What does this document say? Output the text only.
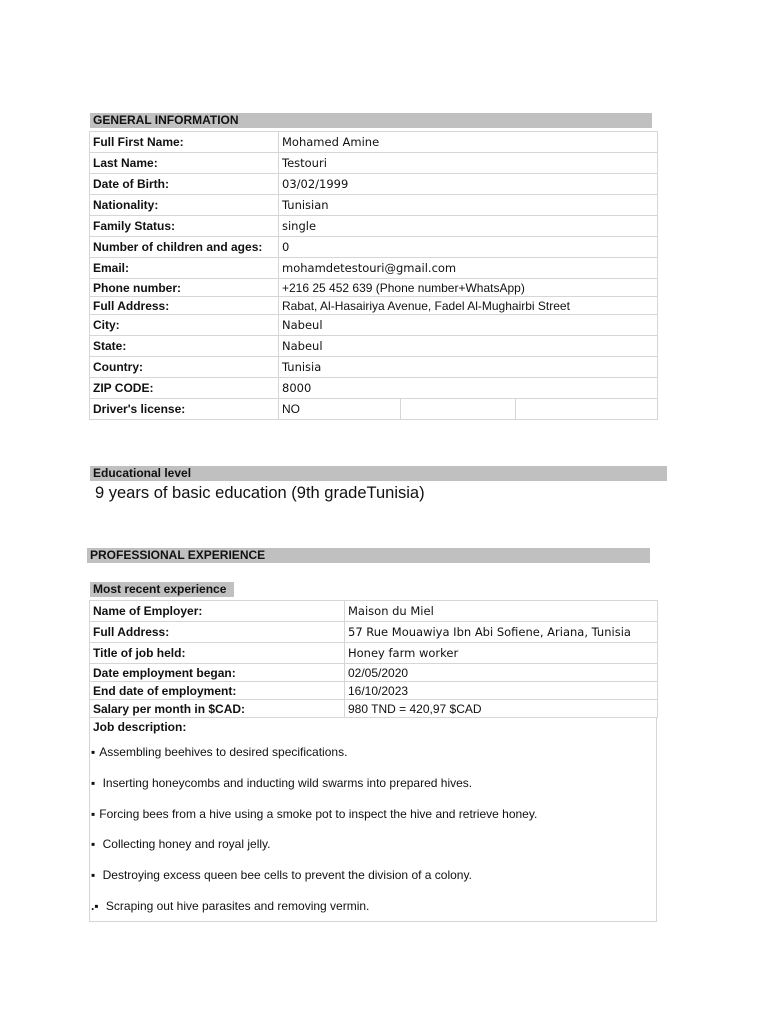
GENERAL INFORMATION
Full First Name:	Mohamed Amine		
Last Name:	Testouri		
Date of Birth:	03/02/1999		
Nationality:	Tunisian		
Family Status:	single		
Number of children and ages:	0		
Email:	mohamdetestouri@gmail.com		
Phone number:	+216 25 452 639 (Phone number+WhatsApp)		
Full Address:	Rabat, Al-Hasairiya Avenue, Fadel Al-Mughairbi Street		
City:	Nabeul		
State:	Nabeul		
Country:	Tunisia		
ZIP CODE:	8000		
Driver's license:	NO		
Educational level
9 years of basic education (9th gradeTunisia)
PROFESSIONAL EXPERIENCE
Most recent experience
Name of Employer:	Maison du Miel
Full Address:	57 Rue Mouawiya Ibn Abi Sofiene, Ariana, Tunisia
Title of job held:	Honey farm worker
Date employment began:	02/05/2020
End date of employment:	16/10/2023
Salary per month in $CAD:	980 TND = 420,97 $CAD
Job description:
▪ Assembling beehives to desired specifications.
▪ Inserting honeycombs and inducting wild swarms into prepared hives.
▪ Forcing bees from a hive using a smoke pot to inspect the hive and retrieve honey.
▪ Collecting honey and royal jelly.
▪ Destroying excess queen bee cells to prevent the division of a colony.
.▪ Scraping out hive parasites and removing vermin.
